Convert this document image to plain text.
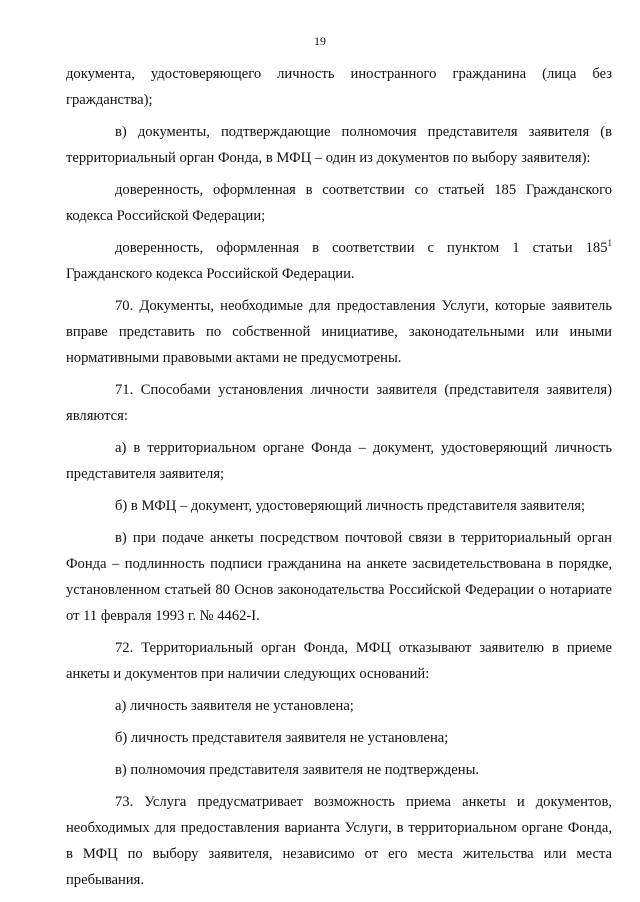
19

документа, удостоверяющего личность иностранного гражданина (лица без гражданства);

в) документы, подтверждающие полномочия представителя заявителя (в территориальный орган Фонда, в МФЦ – один из документов по выбору заявителя):

доверенность, оформленная в соответствии со статьей 185 Гражданского кодекса Российской Федерации;

доверенность, оформленная в соответствии с пунктом 1 статьи $185^1$ Гражданского кодекса Российской Федерации.

70. Документы, необходимые для предоставления Услуги, которые заявитель вправе представить по собственной инициативе, законодательными или иными нормативными правовыми актами не предусмотрены.

71. Способами установления личности заявителя (представителя заявителя) являются:

а) в территориальном органе Фонда – документ, удостоверяющий личность представителя заявителя;

б) в МФЦ – документ, удостоверяющий личность представителя заявителя;

в) при подаче анкеты посредством почтовой связи в территориальный орган Фонда – подлинность подписи гражданина на анкете засвидетельствована в порядке, установленном статьей 80 Основ законодательства Российской Федерации о нотариате от 11 февраля 1993 г. № 4462-I.

72. Территориальный орган Фонда, МФЦ отказывают заявителю в приеме анкеты и документов при наличии следующих оснований:

а) личность заявителя не установлена;

б) личность представителя заявителя не установлена;

в) полномочия представителя заявителя не подтверждены.

73. Услуга предусматривает возможность приема анкеты и документов, необходимых для предоставления варианта Услуги, в территориальном органе Фонда, в МФЦ по выбору заявителя, независимо от его места жительства или места пребывания.
